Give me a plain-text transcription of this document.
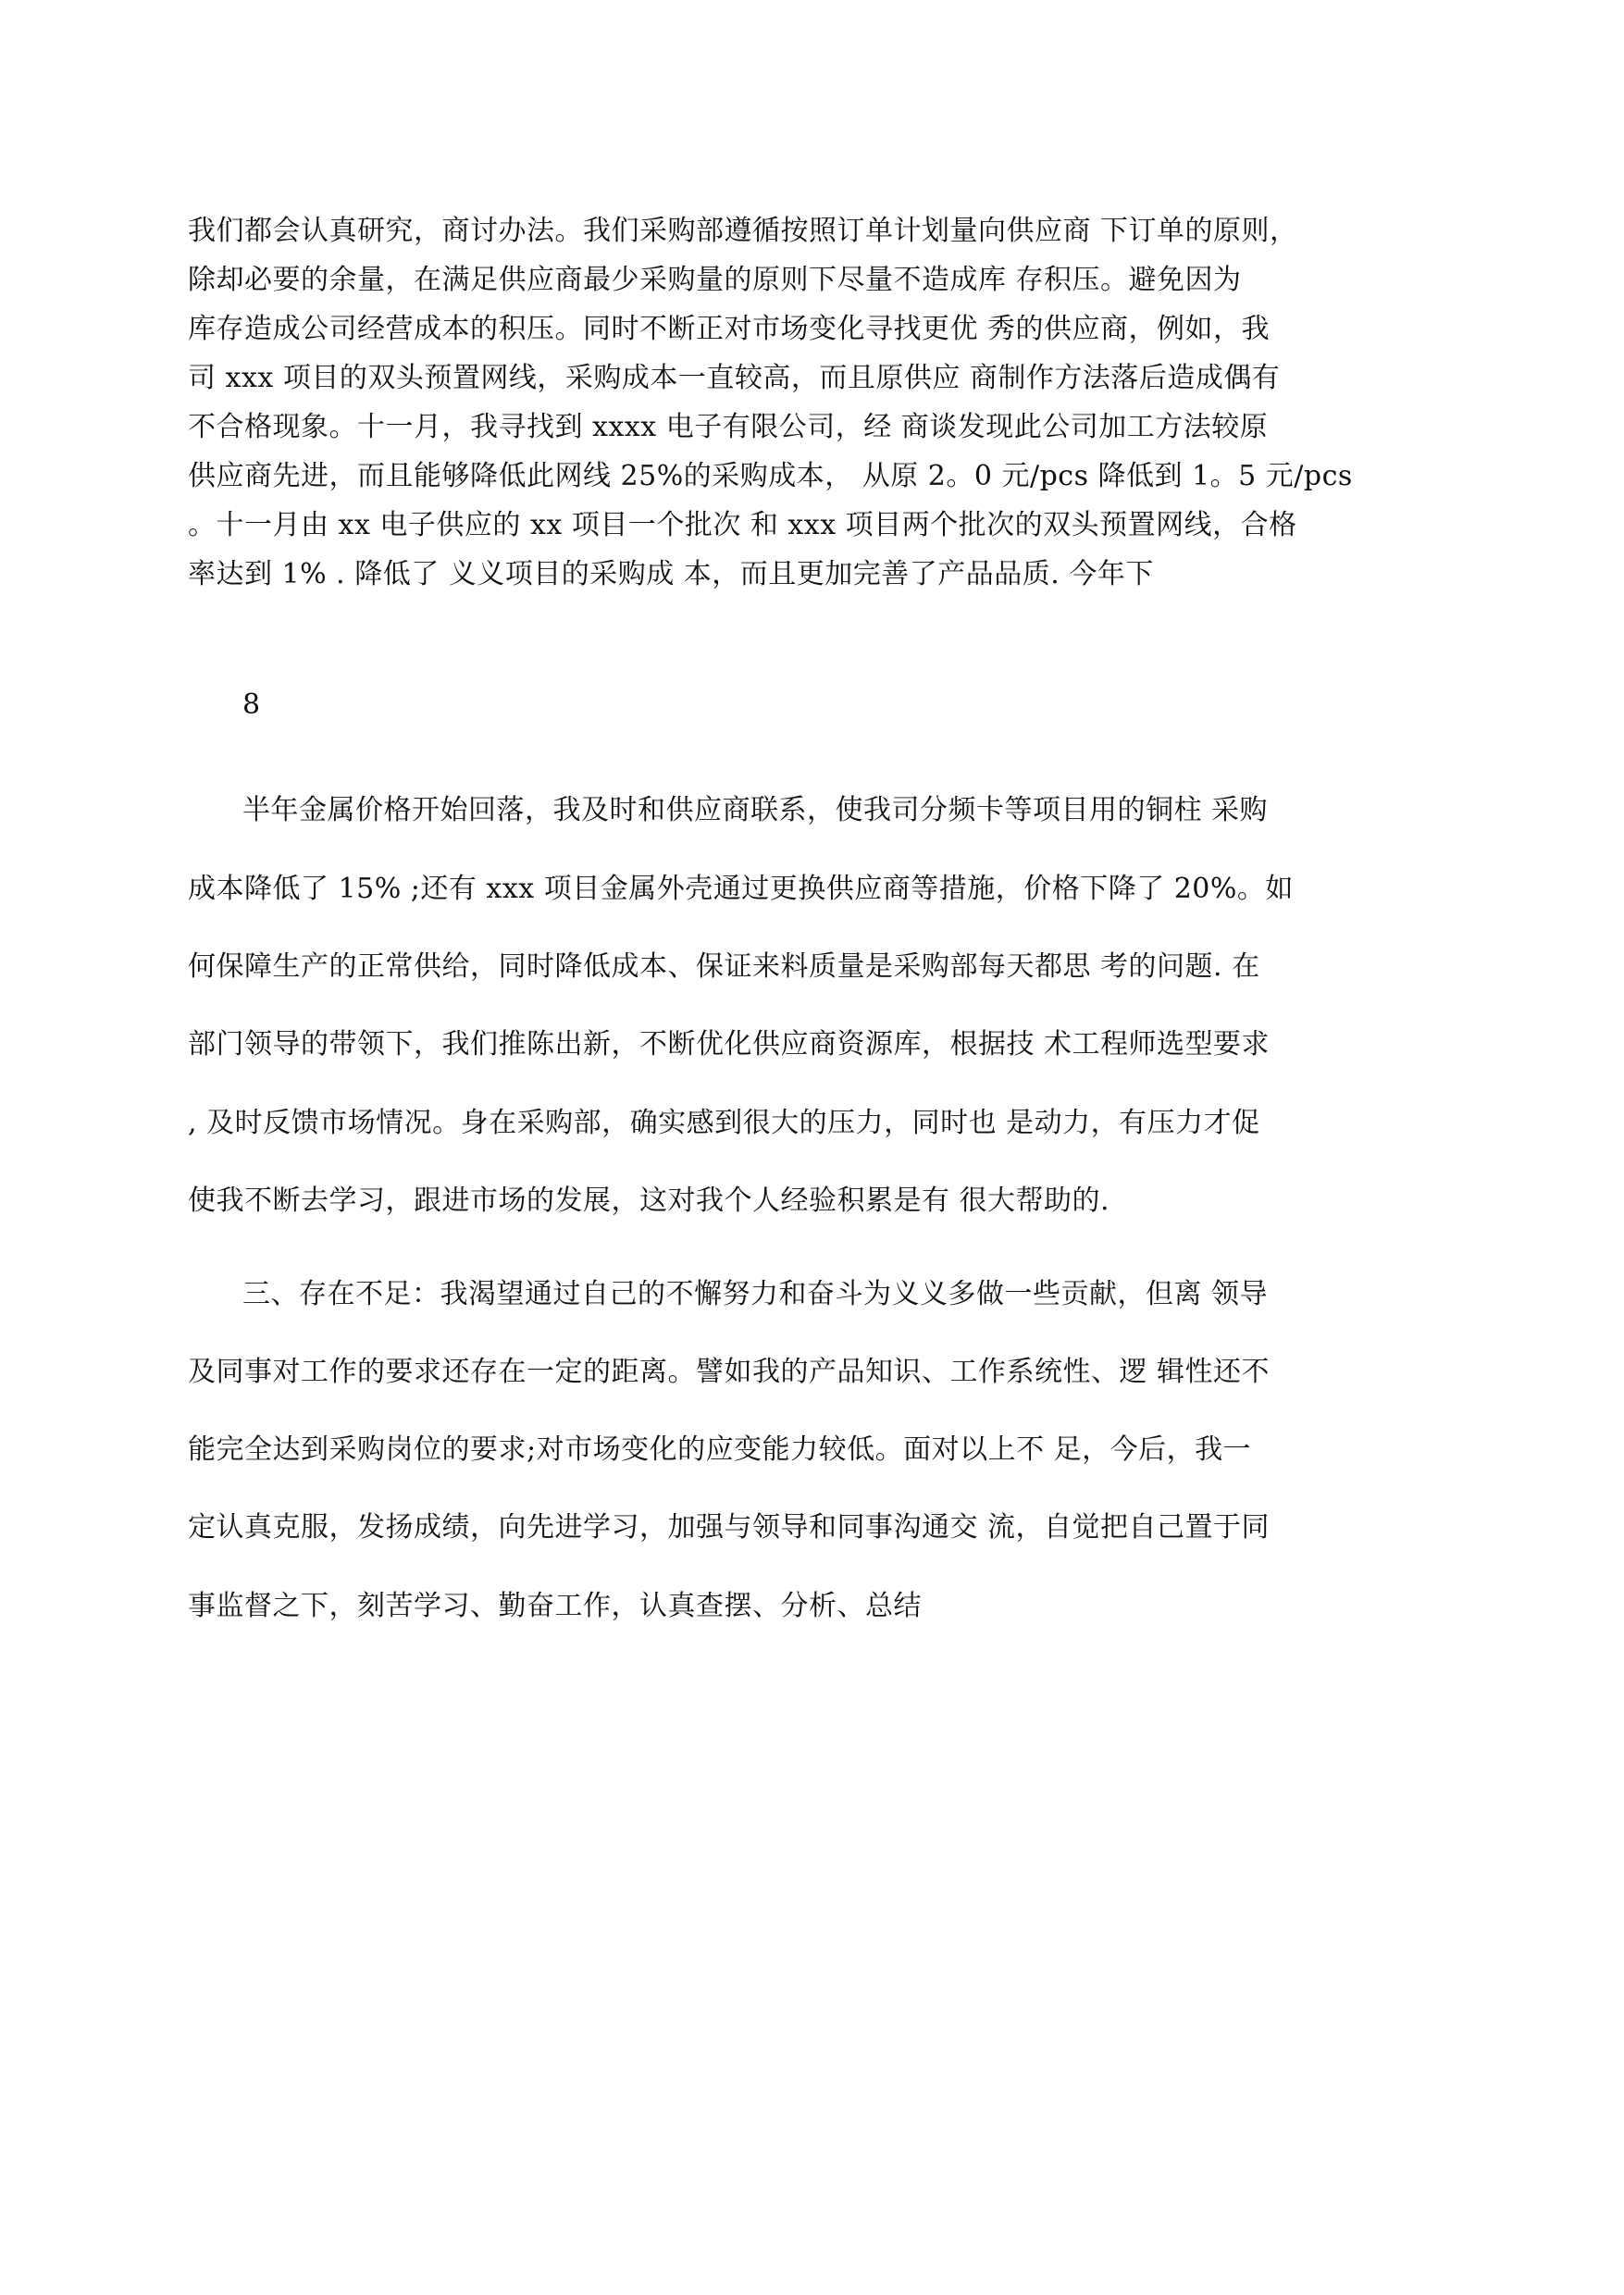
我们都会认真研究，商讨办法。我们采购部遵循按照订单计划量向供应商 下订单的原则，
除却必要的余量，在满足供应商最少采购量的原则下尽量不造成库 存积压。避免因为
库存造成公司经营成本的积压。同时不断正对市场变化寻找更优 秀的供应商，例如，我
司 xxx 项目的双头预置网线，采购成本一直较高，而且原供应 商制作方法落后造成偶有
不合格现象。十一月，我寻找到 xxxx 电子有限公司，经 商谈发现此公司加工方法较原
供应商先进，而且能够降低此网线 25%的采购成本， 从原 2。0 元/pcs 降低到 1。5 元/pcs
。十一月由 xx 电子供应的 xx 项目一个批次 和 xxx 项目两个批次的双头预置网线，合格
率达到 1% . 降低了 义义项目的采购成 本，而且更加完善了产品品质. 今年下
8
半年金属价格开始回落，我及时和供应商联系，使我司分频卡等项目用的铜柱 采购
成本降低了 15% ;还有 xxx 项目金属外壳通过更换供应商等措施，价格下降了 20%。如
何保障生产的正常供给，同时降低成本、保证来料质量是采购部每天都思 考的问题. 在
部门领导的带领下，我们推陈出新，不断优化供应商资源库，根据技 术工程师选型要求
, 及时反馈市场情况。身在采购部，确实感到很大的压力，同时也 是动力，有压力才促
使我不断去学习，跟进市场的发展，这对我个人经验积累是有 很大帮助的.
三、存在不足：我渴望通过自己的不懈努力和奋斗为义义多做一些贡献，但离 领导
及同事对工作的要求还存在一定的距离。譬如我的产品知识、工作系统性、逻 辑性还不
能完全达到采购岗位的要求;对市场变化的应变能力较低。面对以上不 足，今后，我一
定认真克服，发扬成绩，向先进学习，加强与领导和同事沟通交 流，自觉把自己置于同
事监督之下，刻苦学习、勤奋工作，认真查摆、分析、总结
